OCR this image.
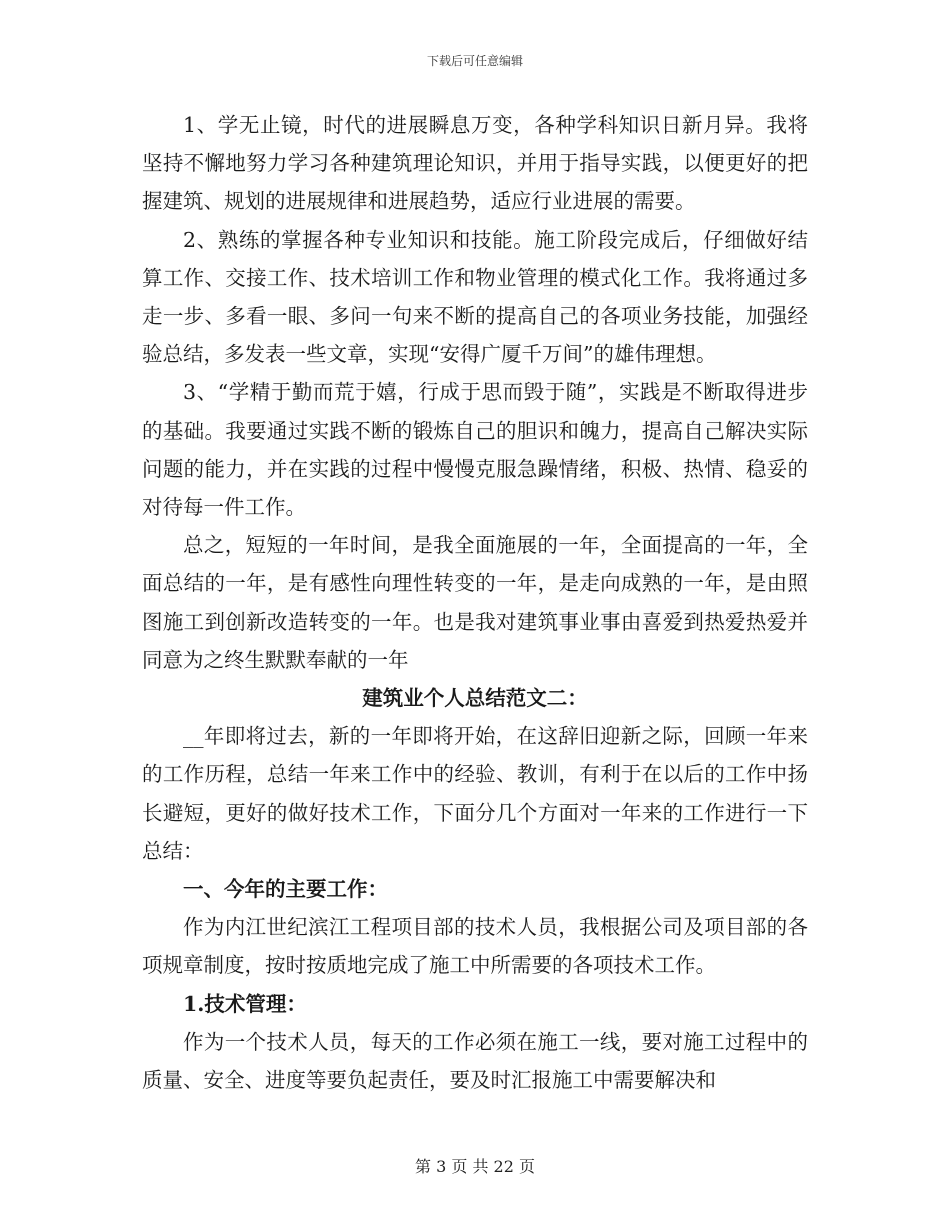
下载后可任意编辑

1、学无止镜，时代的进展瞬息万变，各种学科知识日新月异。我将坚持不懈地努力学习各种建筑理论知识，并用于指导实践，以便更好的把握建筑、规划的进展规律和进展趋势，适应行业进展的需要。

2、熟练的掌握各种专业知识和技能。施工阶段完成后，仔细做好结算工作、交接工作、技术培训工作和物业管理的模式化工作。我将通过多走一步、多看一眼、多问一句来不断的提高自己的各项业务技能，加强经验总结，多发表一些文章，实现“安得广厦千万间”的雄伟理想。

3、“学精于勤而荒于嬉，行成于思而毁于随”，实践是不断取得进步的基础。我要通过实践不断的锻炼自己的胆识和魄力，提高自己解决实际问题的能力，并在实践的过程中慢慢克服急躁情绪，积极、热情、稳妥的对待每一件工作。

总之，短短的一年时间，是我全面施展的一年，全面提高的一年，全面总结的一年，是有感性向理性转变的一年，是走向成熟的一年，是由照图施工到创新改造转变的一年。也是我对建筑事业事由喜爱到热爱热爱并同意为之终生默默奉献的一年

建筑业个人总结范文二：

__年即将过去，新的一年即将开始，在这辞旧迎新之际，回顾一年来的工作历程，总结一年来工作中的经验、教训，有利于在以后的工作中扬长避短，更好的做好技术工作，下面分几个方面对一年来的工作进行一下总结：

一、今年的主要工作：

作为内江世纪滨江工程项目部的技术人员，我根据公司及项目部的各项规章制度，按时按质地完成了施工中所需要的各项技术工作。

1.技术管理：

作为一个技术人员，每天的工作必须在施工一线，要对施工过程中的质量、安全、进度等要负起责任，要及时汇报施工中需要解决和

第 3 页 共 22 页
